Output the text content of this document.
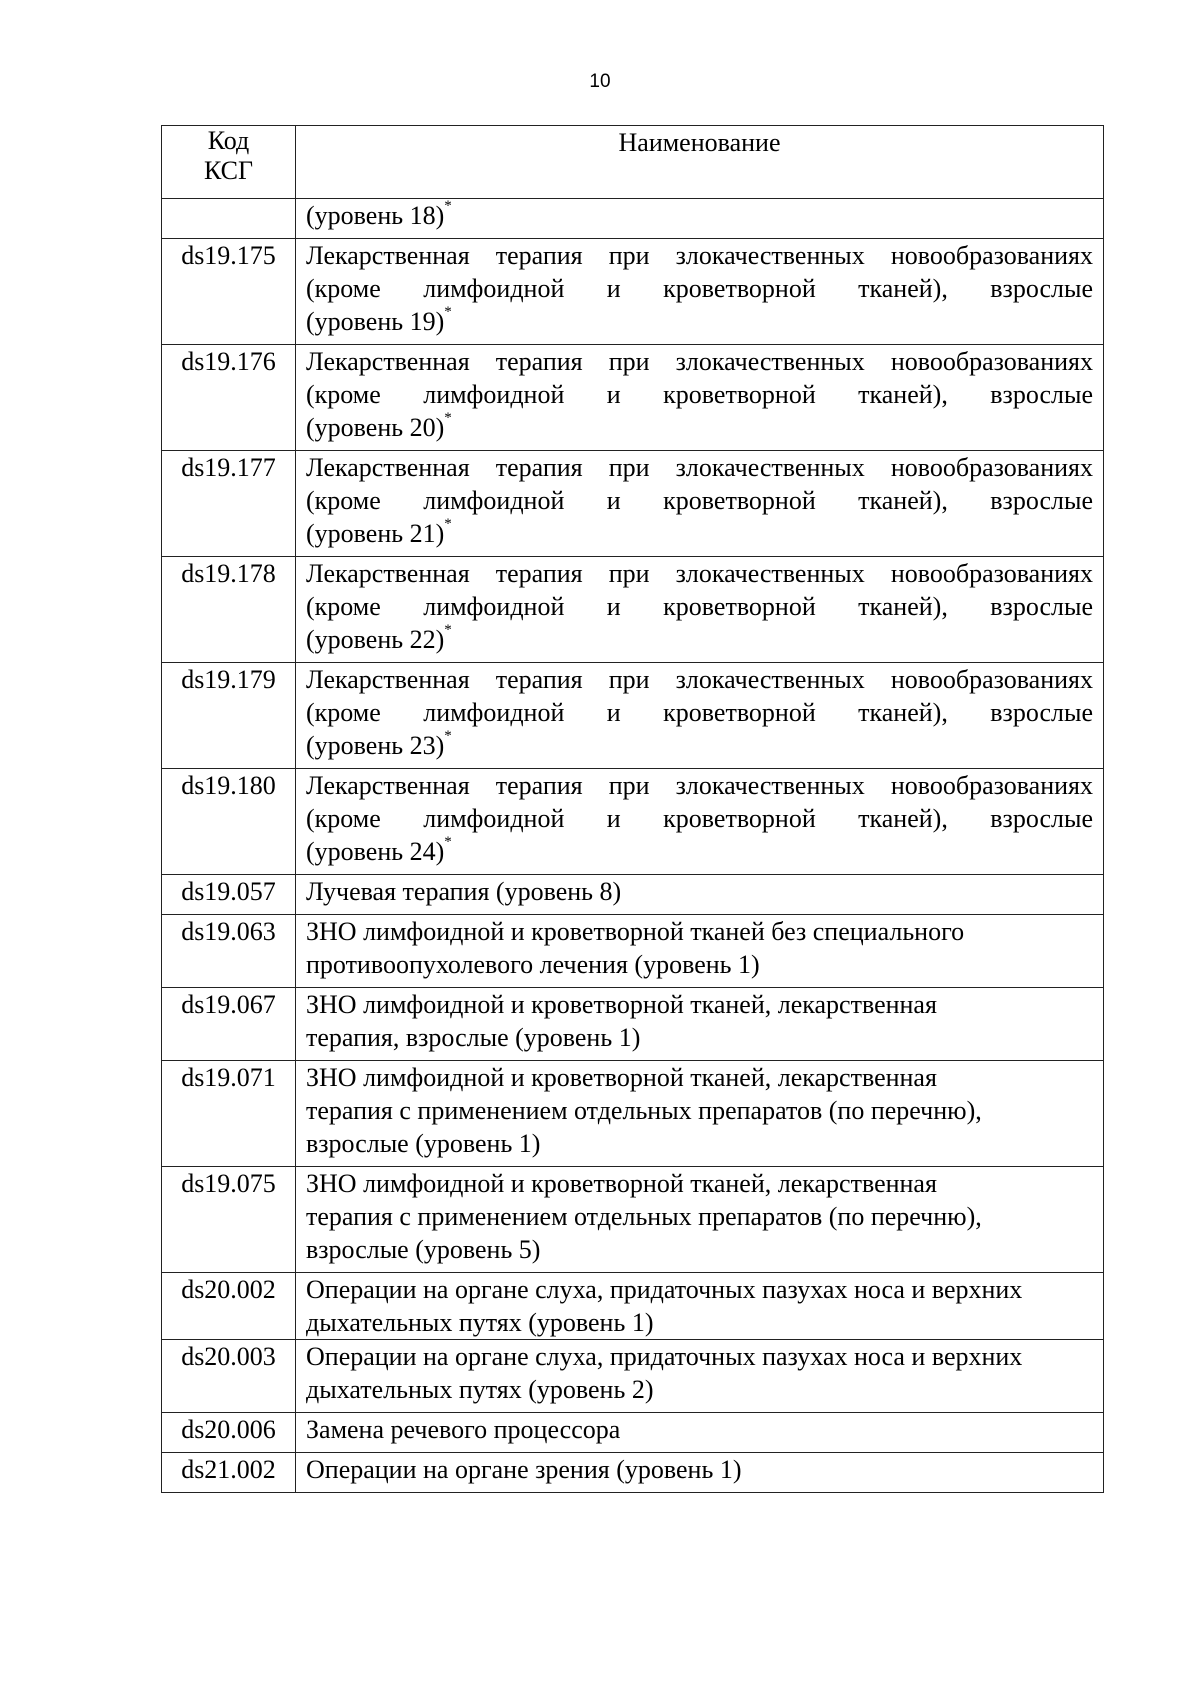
10
Код
КСГ	Наименование

	(уровень 18)*

ds19.175	Лекарственная терапия при злокачественных новообразованиях
(кроме лимфоидной и кроветворной тканей), взрослые
(уровень 19)*

ds19.176	Лекарственная терапия при злокачественных новообразованиях
(кроме лимфоидной и кроветворной тканей), взрослые
(уровень 20)*

ds19.177	Лекарственная терапия при злокачественных новообразованиях
(кроме лимфоидной и кроветворной тканей), взрослые
(уровень 21)*

ds19.178	Лекарственная терапия при злокачественных новообразованиях
(кроме лимфоидной и кроветворной тканей), взрослые
(уровень 22)*

ds19.179	Лекарственная терапия при злокачественных новообразованиях
(кроме лимфоидной и кроветворной тканей), взрослые
(уровень 23)*

ds19.180	Лекарственная терапия при злокачественных новообразованиях
(кроме лимфоидной и кроветворной тканей), взрослые
(уровень 24)*

ds19.057	Лучевая терапия (уровень 8)

ds19.063	ЗНО лимфоидной и кроветворной тканей без специального
противоопухолевого лечения (уровень 1)

ds19.067	ЗНО лимфоидной и кроветворной тканей, лекарственная
терапия, взрослые (уровень 1)

ds19.071	ЗНО лимфоидной и кроветворной тканей, лекарственная
терапия с применением отдельных препаратов (по перечню),
взрослые (уровень 1)

ds19.075	ЗНО лимфоидной и кроветворной тканей, лекарственная
терапия с применением отдельных препаратов (по перечню),
взрослые (уровень 5)

ds20.002	Операции на органе слуха, придаточных пазухах носа и верхних
дыхательных путях (уровень 1)

ds20.003	Операции на органе слуха, придаточных пазухах носа и верхних
дыхательных путях (уровень 2)

ds20.006	Замена речевого процессора

ds21.002	Операции на органе зрения (уровень 1)
